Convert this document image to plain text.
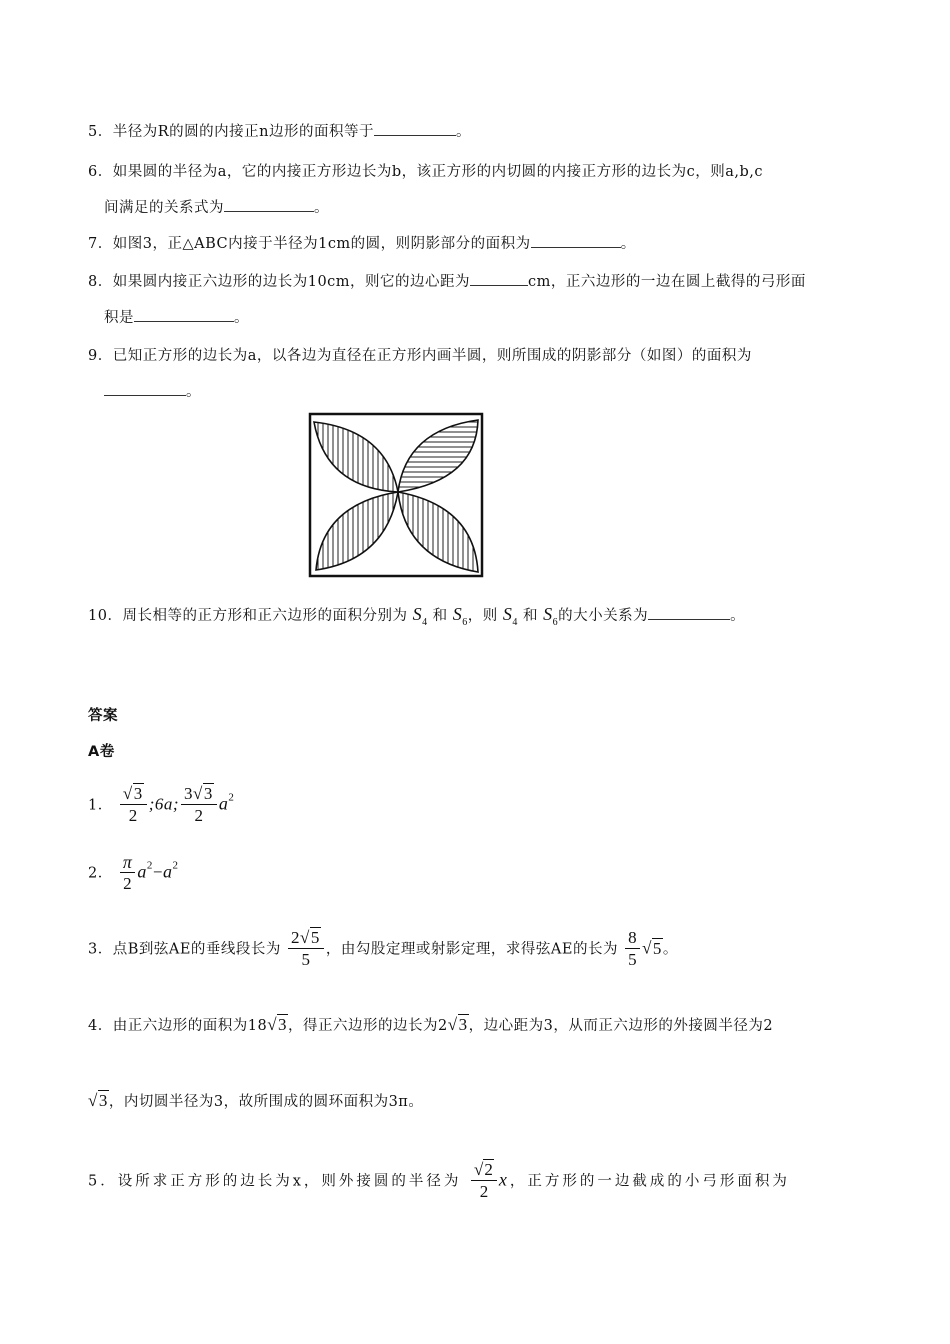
5．半径为R的圆的内接正n边形的面积等于	。
6．如果圆的半径为a，它的内接正方形边长为b，该正方形的内切圆的内接正方形的边长为c，则a,b,c
间满足的关系式为	。
7．如图3，正△ABC内接于半径为1cm的圆，则阴影部分的面积为	。
8．如果圆内接正六边形的边长为10cm，则它的边心距为	cm，正六边形的一边在圆上截得的弓形面
积是	。
9．已知正方形的边长为a，以各边为直径在正方形内画半圆，则所围成的阴影部分（如图）的面积为
。
10．周长相等的正方形和正六边形的面积分别为 $S_4$ 和 $S_6$，则 $S_4$ 和 $S_6$的大小关系为	。
答案
A卷
1． $\frac{√3}{2}$ ;6a; $\frac{3√3}{2} a^2$
2． $\frac{\pi}{2} a^2-a^2$
3．点B到弦AE的垂线段长为 $\frac{2√5}{5}$ ，由勾股定理或射影定理，求得弦AE的长为 $\frac{8}{5} √5$。
4．由正六边形的面积为18√3，得正六边形的边长为2√3，边心距为3，从而正六边形的外接圆半径为2
√3，内切圆半径为3，故所围成的圆环面积为3π。
5．设所求正方形的边长为x，则外接圆的半径为 $\frac{√2}{2}$ x，正方形的一边截成的小弓形面积为
